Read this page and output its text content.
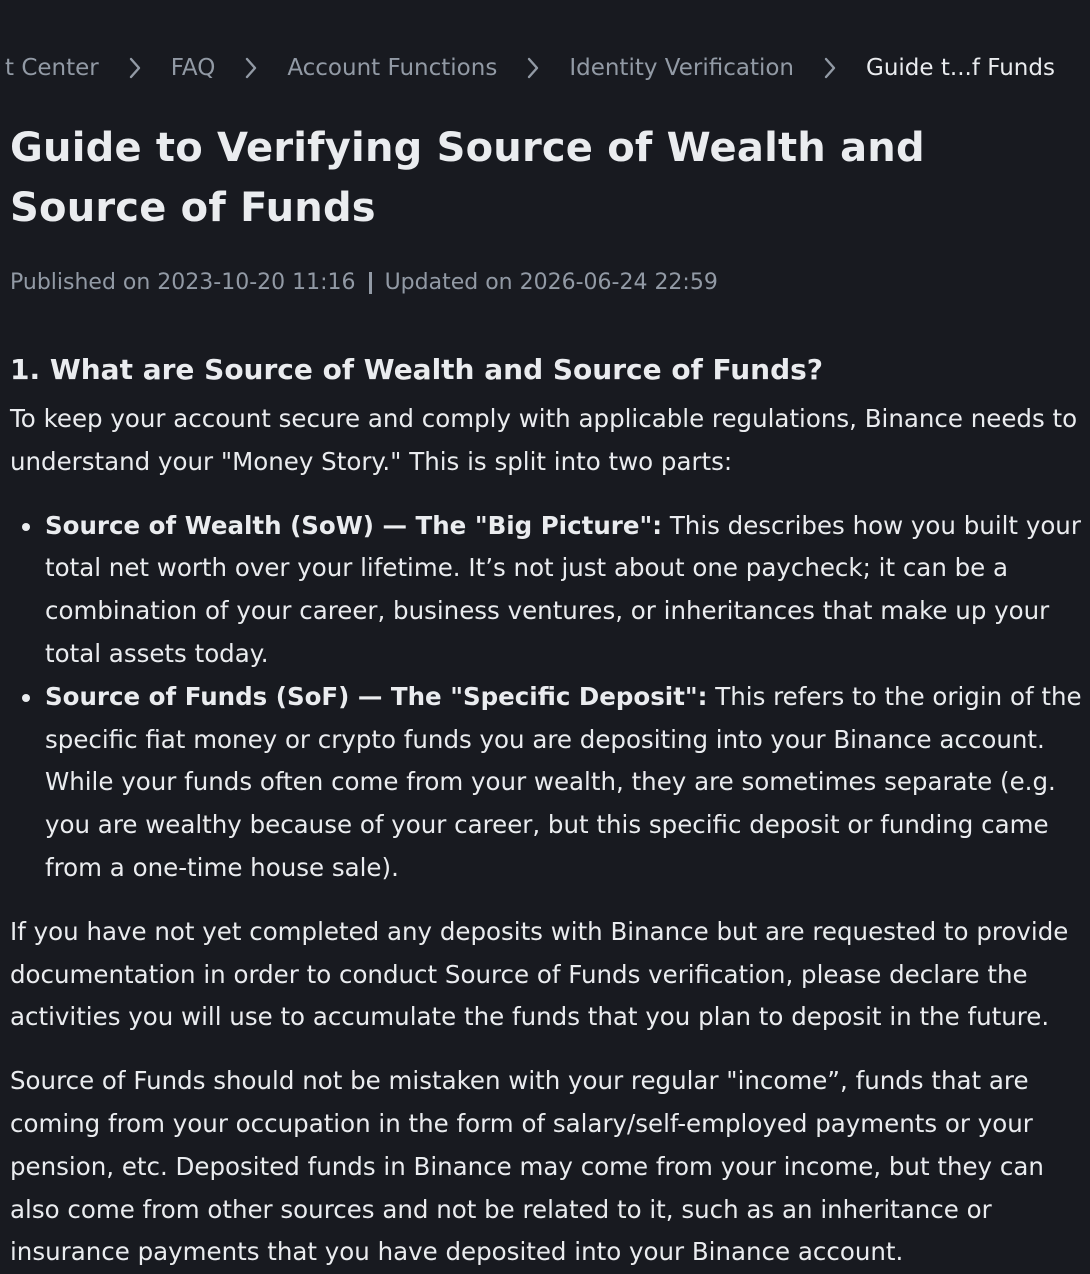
t Center	FAQ	Account Functions	Identity Verification	Guide t...f Funds
Guide to Verifying Source of Wealth and Source of Funds
Published on 2023-10-20 11:16 Updated on 2026-06-24 22:59
1. What are Source of Wealth and Source of Funds?

To keep your account secure and comply with applicable regulations, Binance needs to understand your "Money Story." This is split into two parts:

Source of Wealth (SoW) — The "Big Picture": This describes how you built your total net worth over your lifetime. It’s not just about one paycheck; it can be a combination of your career, business ventures, or inheritances that make up your total assets today.
Source of Funds (SoF) — The "Specific Deposit": This refers to the origin of the specific fiat money or crypto funds you are depositing into your Binance account. While your funds often come from your wealth, they are sometimes separate (e.g. you are wealthy because of your career, but this specific deposit or funding came from a one-time house sale).

If you have not yet completed any deposits with Binance but are requested to provide documentation in order to conduct Source of Funds verification, please declare the activities you will use to accumulate the funds that you plan to deposit in the future.

Source of Funds should not be mistaken with your regular "income”, funds that are coming from your occupation in the form of salary/self-employed payments or your pension, etc. Deposited funds in Binance may come from your income, but they can also come from other sources and not be related to it, such as an inheritance or insurance payments that you have deposited into your Binance account.
